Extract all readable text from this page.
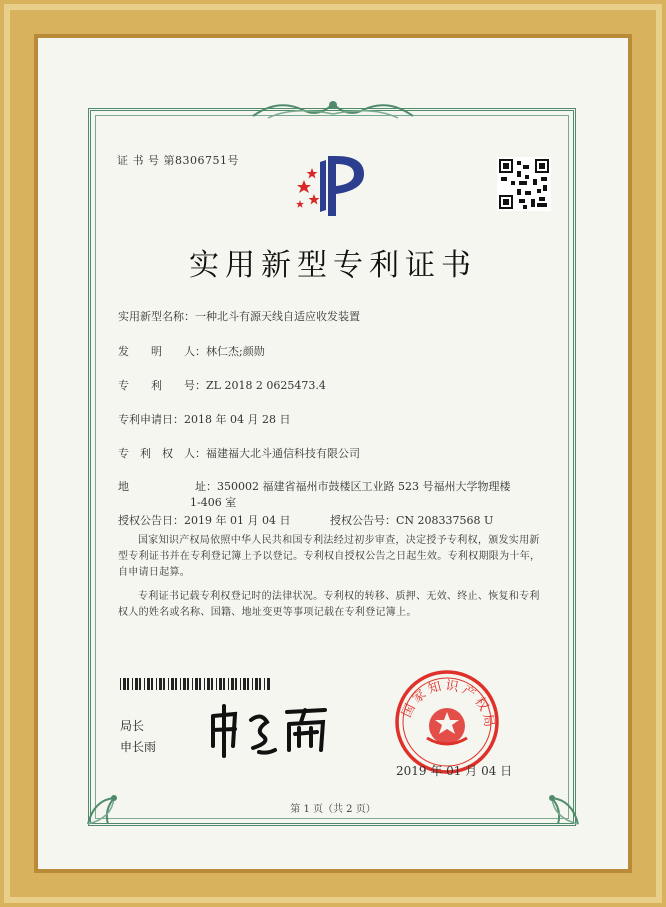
证 书 号 第8306751号
实用新型专利证书
实用新型名称：一种北斗有源天线自适应收发装置
发　　明　　人：林仁杰;颜勋
专　　利　　号：ZL 2018 2 0625473.4
专利申请日：2018 年 04 月 28 日
专　利　权　人：福建福大北斗通信科技有限公司
地　　　　　　址：350002 福建省福州市鼓楼区工业路 523 号福州大学物理楼
1-406 室
授权公告日：2019 年 01 月 04 日	授权公告号：CN 208337568 U
国家知识产权局依照中华人民共和国专利法经过初步审查，决定授予专利权，颁发实用新型专利证书并在专利登记簿上予以登记。专利权自授权公告之日起生效。专利权期限为十年，自申请日起算。
专利证书记载专利权登记时的法律状况。专利权的转移、质押、无效、终止、恢复和专利权人的姓名或名称、国籍、地址变更等事项记载在专利登记簿上。
局长
申长雨
国家知识产权局
2019 年 01 月 04 日
第 1 页（共 2 页）
